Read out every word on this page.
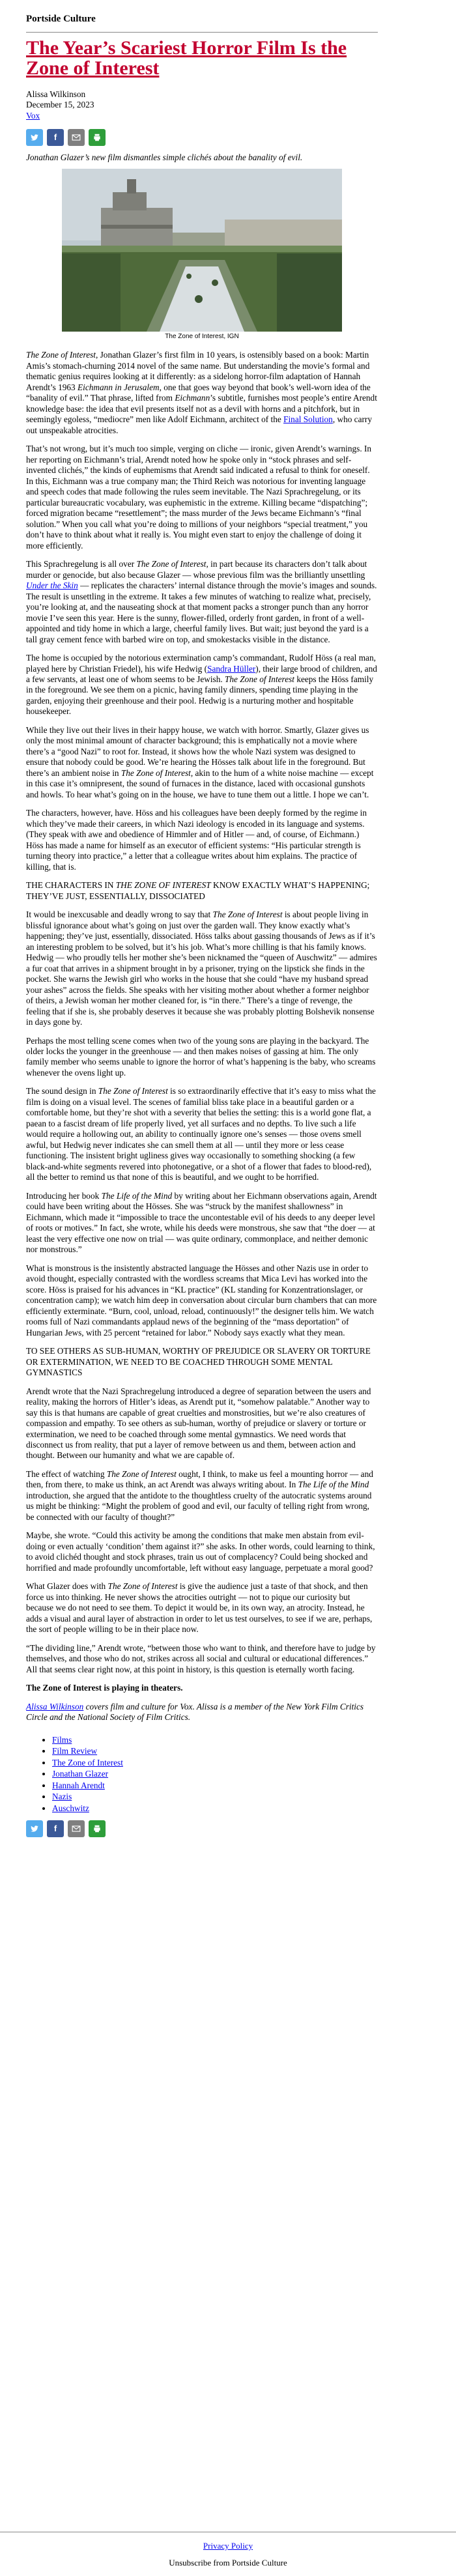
Portside Culture
The Year’s Scariest Horror Film Is the Zone of Interest
Alissa Wilkinson
December 15, 2023
Vox
f
Jonathan Glazer’s new film dismantles simple clichés about the banality of evil.
The Zone of Interest, IGN

The Zone of Interest, Jonathan Glazer’s first film in 10 years, is ostensibly based on a book: Martin Amis’s stomach-churning 2014 novel of the same name. But understanding the movie’s formal and thematic genius requires looking at it differently: as a sidelong horror-film adaptation of Hannah Arendt’s 1963 Eichmann in Jerusalem, one that goes way beyond that book’s well-worn idea of the “banality of evil.” That phrase, lifted from Eichmann’s subtitle, furnishes most people’s entire Arendt knowledge base: the idea that evil presents itself not as a devil with horns and a pitchfork, but in seemingly egoless, “mediocre” men like Adolf Eichmann, architect of the Final Solution, who carry out unspeakable atrocities.

That’s not wrong, but it’s much too simple, verging on cliche — ironic, given Arendt’s warnings. In her reporting on Eichmann’s trial, Arendt noted how he spoke only in “stock phrases and self-invented clichés,” the kinds of euphemisms that Arendt said indicated a refusal to think for oneself. In this, Eichmann was a true company man; the Third Reich was notorious for inventing language and speech codes that made following the rules seem inevitable. The Nazi Sprachregelung, or its particular bureaucratic vocabulary, was euphemistic in the extreme. Killing became “dispatching”; forced migration became “resettlement”; the mass murder of the Jews became Eichmann’s “final solution.” When you call what you’re doing to millions of your neighbors “special treatment,” you don’t have to think about what it really is. You might even start to enjoy the challenge of doing it more efficiently.

This Sprachregelung is all over The Zone of Interest, in part because its characters don’t talk about murder or genocide, but also because Glazer — whose previous film was the brilliantly unsettling Under the Skin — replicates the characters’ internal distance through the movie’s images and sounds. The result is unsettling in the extreme. It takes a few minutes of watching to realize what, precisely, you’re looking at, and the nauseating shock at that moment packs a stronger punch than any horror movie I’ve seen this year. Here is the sunny, flower-filled, orderly front garden, in front of a well-appointed and tidy home in which a large, cheerful family lives. But wait; just beyond the yard is a tall gray cement fence with barbed wire on top, and smokestacks visible in the distance.

The home is occupied by the notorious extermination camp’s commandant, Rudolf Höss (a real man, played here by Christian Friedel), his wife Hedwig (Sandra Hüller), their large brood of children, and a few servants, at least one of whom seems to be Jewish. The Zone of Interest keeps the Höss family in the foreground. We see them on a picnic, having family dinners, spending time playing in the garden, enjoying their greenhouse and their pool. Hedwig is a nurturing mother and hospitable housekeeper.

While they live out their lives in their happy house, we watch with horror. Smartly, Glazer gives us only the most minimal amount of character background; this is emphatically not a movie where there’s a “good Nazi” to root for. Instead, it shows how the whole Nazi system was designed to ensure that nobody could be good. We’re hearing the Hösses talk about life in the foreground. But there’s an ambient noise in The Zone of Interest, akin to the hum of a white noise machine — except in this case it’s omnipresent, the sound of furnaces in the distance, laced with occasional gunshots and howls. To hear what’s going on in the house, we have to tune them out a little. I hope we can’t.

The characters, however, have. Höss and his colleagues have been deeply formed by the regime in which they’ve made their careers, in which Nazi ideology is encoded in its language and systems. (They speak with awe and obedience of Himmler and of Hitler — and, of course, of Eichmann.) Höss has made a name for himself as an executor of efficient systems: “His particular strength is turning theory into practice,” a letter that a colleague writes about him explains. The practice of killing, that is.

THE CHARACTERS IN THE ZONE OF INTEREST KNOW EXACTLY WHAT’S HAPPENING; THEY’VE JUST, ESSENTIALLY, DISSOCIATED

It would be inexcusable and deadly wrong to say that The Zone of Interest is about people living in blissful ignorance about what’s going on just over the garden wall. They know exactly what’s happening; they’ve just, essentially, dissociated. Höss talks about gassing thousands of Jews as if it’s an interesting problem to be solved, but it’s his job. What’s more chilling is that his family knows. Hedwig — who proudly tells her mother she’s been nicknamed the “queen of Auschwitz” — admires a fur coat that arrives in a shipment brought in by a prisoner, trying on the lipstick she finds in the pocket. She warns the Jewish girl who works in the house that she could “have my husband spread your ashes” across the fields. She speaks with her visiting mother about whether a former neighbor of theirs, a Jewish woman her mother cleaned for, is “in there.” There’s a tinge of revenge, the feeling that if she is, she probably deserves it because she was probably plotting Bolshevik nonsense in days gone by.

Perhaps the most telling scene comes when two of the young sons are playing in the backyard. The older locks the younger in the greenhouse — and then makes noises of gassing at him. The only family member who seems unable to ignore the horror of what’s happening is the baby, who screams whenever the ovens light up.

The sound design in The Zone of Interest is so extraordinarily effective that it’s easy to miss what the film is doing on a visual level. The scenes of familial bliss take place in a beautiful garden or a comfortable home, but they’re shot with a severity that belies the setting: this is a world gone flat, a paean to a fascist dream of life properly lived, yet all surfaces and no depths. To live such a life would require a hollowing out, an ability to continually ignore one’s senses — those ovens smell awful, but Hedwig never indicates she can smell them at all — until they more or less cease functioning. The insistent bright ugliness gives way occasionally to something shocking (a few black-and-white segments revered into photonegative, or a shot of a flower that fades to blood-red), all the better to remind us that none of this is beautiful, and we ought to be horrified.

Introducing her book The Life of the Mind by writing about her Eichmann observations again, Arendt could have been writing about the Hösses. She was “struck by the manifest shallowness” in Eichmann, which made it “impossible to trace the uncontestable evil of his deeds to any deeper level of roots or motives.” In fact, she wrote, while his deeds were monstrous, she saw that “the doer — at least the very effective one now on trial — was quite ordinary, commonplace, and neither demonic nor monstrous.”

What is monstrous is the insistently abstracted language the Hösses and other Nazis use in order to avoid thought, especially contrasted with the wordless screams that Mica Levi has worked into the score. Höss is praised for his advances in “KL practice” (KL standing for Konzentrationslager, or concentration camp); we watch him deep in conversation about circular burn chambers that can more efficiently exterminate. “Burn, cool, unload, reload, continuously!” the designer tells him. We watch rooms full of Nazi commandants applaud news of the beginning of the “mass deportation” of Hungarian Jews, with 25 percent “retained for labor.” Nobody says exactly what they mean.

TO SEE OTHERS AS SUB-HUMAN, WORTHY OF PREJUDICE OR SLAVERY OR TORTURE OR EXTERMINATION, WE NEED TO BE COACHED THROUGH SOME MENTAL GYMNASTICS

Arendt wrote that the Nazi Sprachregelung introduced a degree of separation between the users and reality, making the horrors of Hitler’s ideas, as Arendt put it, “somehow palatable.” Another way to say this is that humans are capable of great cruelties and monstrosities, but we’re also creatures of compassion and empathy. To see others as sub-human, worthy of prejudice or slavery or torture or extermination, we need to be coached through some mental gymnastics. We need words that disconnect us from reality, that put a layer of remove between us and them, between action and thought. Between our humanity and what we are capable of.

The effect of watching The Zone of Interest ought, I think, to make us feel a mounting horror — and then, from there, to make us think, an act Arendt was always writing about. In The Life of the Mind introduction, she argued that the antidote to the thoughtless cruelty of the autocratic systems around us might be thinking: “Might the problem of good and evil, our faculty of telling right from wrong, be connected with our faculty of thought?”

Maybe, she wrote. “Could this activity be among the conditions that make men abstain from evil-doing or even actually ‘condition’ them against it?” she asks. In other words, could learning to think, to avoid clichéd thought and stock phrases, train us out of complacency? Could being shocked and horrified and made profoundly uncomfortable, left without easy language, perpetuate a moral good?

What Glazer does with The Zone of Interest is give the audience just a taste of that shock, and then force us into thinking. He never shows the atrocities outright — not to pique our curiosity but because we do not need to see them. To depict it would be, in its own way, an atrocity. Instead, he adds a visual and aural layer of abstraction in order to let us test ourselves, to see if we are, perhaps, the sort of people willing to be in their place now.

“The dividing line,” Arendt wrote, “between those who want to think, and therefore have to judge by themselves, and those who do not, strikes across all social and cultural or educational differences.” All that seems clear right now, at this point in history, is this question is eternally worth facing.

The Zone of Interest is playing in theaters.

Alissa Wilkinson covers film and culture for Vox. Alissa is a member of the New York Film Critics Circle and the National Society of Film Critics.

• Films
• Film Review
• The Zone of Interest
• Jonathan Glazer
• Hannah Arendt
• Nazis
• Auschwitz
f
Privacy Policy
Unsubscribe from Portside Culture
